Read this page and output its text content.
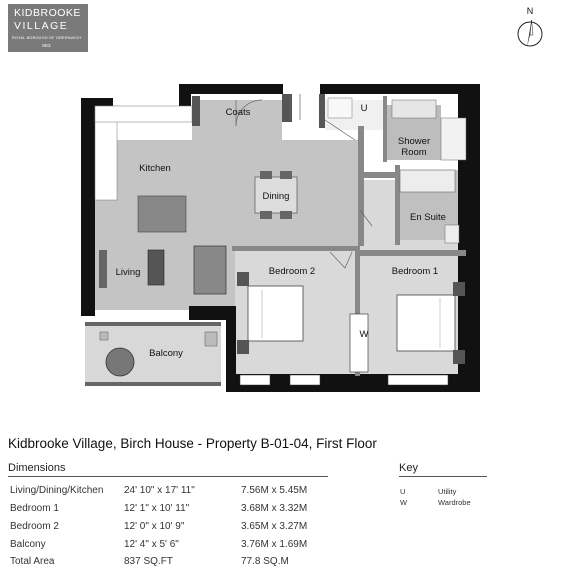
KIDBROOKE
VILLAGE
ROYAL BOROUGH OF GREENWICH
SE3
N
Coats	U
Shower
Room
Kitchen
Dining
En Suite
Living	Bedroom 2	Bedroom 1
W
Balcony
Kidbrooke Village, Birch House - Property B-01-04, First Floor
Dimensions
Living/Dining/Kitchen 24' 10" x 17' 11"	7.56M x 5.45M
Bedroom 1	12' 1" x 10' 11"	3.68M x 3.32M
Bedroom 2	12' 0" x 10' 9"	3.65M x 3.27M
Balcony	12' 4" x 5' 6"	3.76M x 1.69M
Total Area	837 SQ.FT	77.8 SQ.M
Key
U	Utility
W	Wardrobe
